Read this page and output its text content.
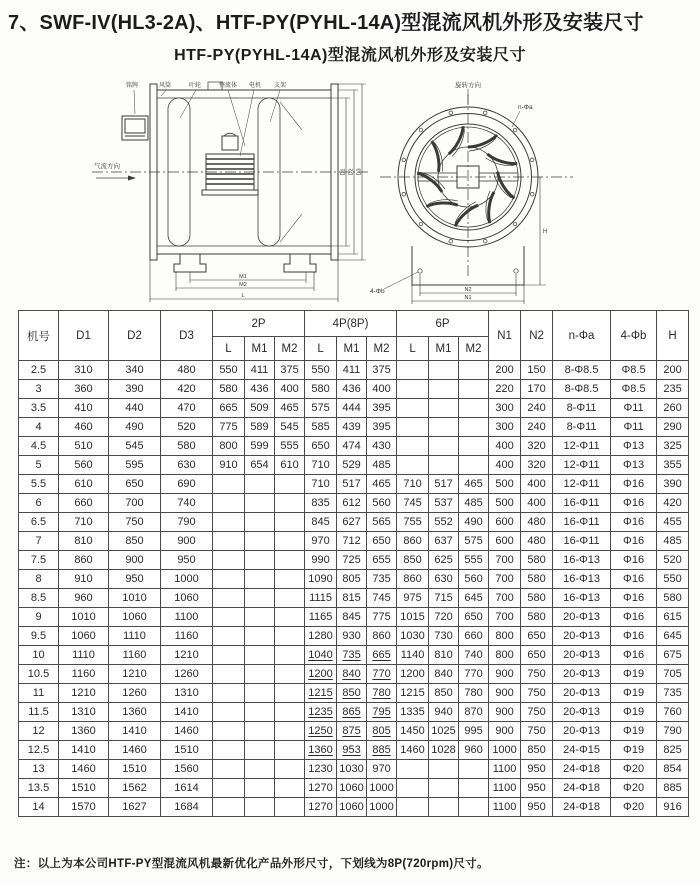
7、SWF-IV(HL3-2A)、HTF-PY(PYHL-14A)型混流风机外形及安装尺寸
HTF-PY(PYHL-14A)型混流风机外形及安装尺寸
铭牌	风筒	叶轮	整流体 电机 支架
气流方向
M1
M2
L
D1 D2 D3
旋转方向
n-Φa
4-Φb	N2
N1
H
机号	D1	D2	D3	2P			4P(8P)			6P			N1	N2	n-Φa	4-Φb	H
				L	M1	M2	L	M1	M2	L	M1	M2					
2.5	310	340	480	550	411	375	550	411	375				200	150	8-Φ8.5	Φ8.5	200
3	360	390	420	580	436	400	580	436	400				220	170	8-Φ8.5	Φ8.5	235
3.5	410	440	470	665	509	465	575	444	395				300	240	8-Φ11	Φ11	260
4	460	490	520	775	589	545	585	439	395				300	240	8-Φ11	Φ11	290
4.5	510	545	580	800	599	555	650	474	430				400	320	12-Φ11	Φ13	325
5	560	595	630	910	654	610	710	529	485				400	320	12-Φ11	Φ13	355
5.5	610	650	690				710	517	465	710	517	465	500	400	12-Φ11	Φ16	390
6	660	700	740				835	612	560	745	537	485	500	400	16-Φ11	Φ16	420
6.5	710	750	790				845	627	565	755	552	490	600	480	16-Φ11	Φ16	455
7	810	850	900				970	712	650	860	637	575	600	480	16-Φ11	Φ16	485
7.5	860	900	950				990	725	655	850	625	555	700	580	16-Φ13	Φ16	520
8	910	950	1000				1090	805	735	860	630	560	700	580	16-Φ13	Φ16	550
8.5	960	1010	1060				1115	815	745	975	715	645	700	580	16-Φ13	Φ16	580
9	1010	1060	1100				1165	845	775	1015	720	650	700	580	20-Φ13	Φ16	615
9.5	1060	1110	1160				1280	930	860	1030	730	660	800	650	20-Φ13	Φ16	645
10	1110	1160	1210				1040	735	665	1140	810	740	800	650	20-Φ13	Φ16	675
10.5	1160	1210	1260				1200	840	770	1200	840	770	900	750	20-Φ13	Φ19	705
11	1210	1260	1310				1215	850	780	1215	850	780	900	750	20-Φ13	Φ19	735
11.5	1310	1360	1410				1235	865	795	1335	940	870	900	750	20-Φ13	Φ19	760
12	1360	1410	1460				1250	875	805	1450	1025	995	900	750	20-Φ13	Φ19	790
12.5	1410	1460	1510				1360	953	885	1460	1028	960	1000	850	24-Φ15	Φ19	825
13	1460	1510	1560				1230	1030	970				1100	950	24-Φ18	Φ20	854
13.5	1510	1562	1614				1270	1060	1000				1100	950	24-Φ18	Φ20	885
14	1570	1627	1684				1270	1060	1000				1100	950	24-Φ18	Φ20	916
注：以上为本公司HTF-PY型混流风机最新优化产品外形尺寸，下划线为8P(720rpm)尺寸。
